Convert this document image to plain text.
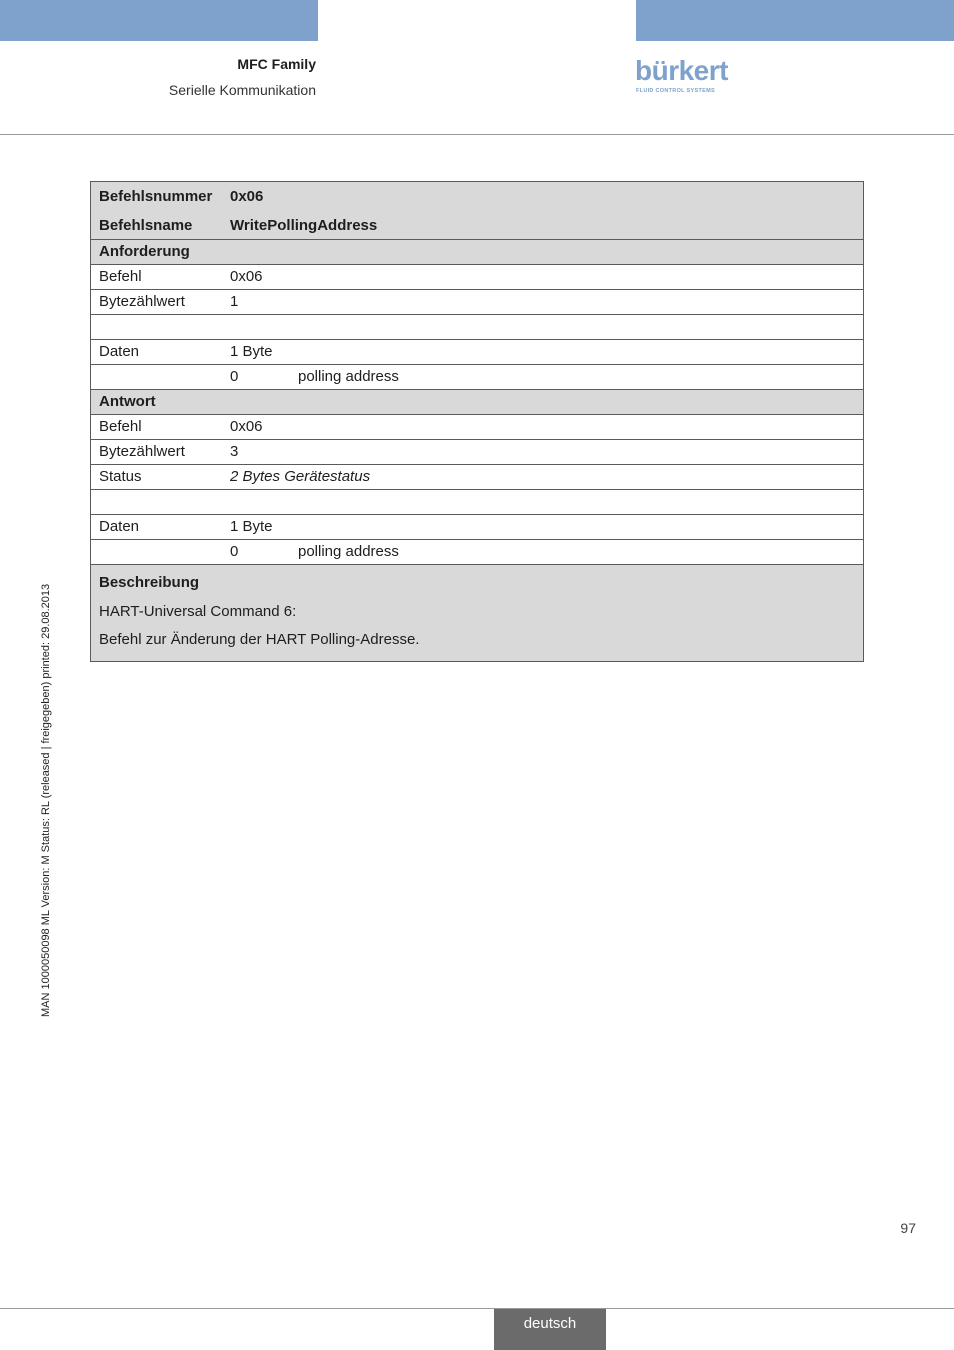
MFC Family
Serielle Kommunikation
bürkert
FLUID CONTROL SYSTEMS
Befehlsnummer 0x06
Befehlsname	WritePollingAddress
Anforderung
Befehl	0x06
Bytezählwert	1
Daten	1 Byte
0	polling address
Antwort
Befehl	0x06
Bytezählwert	3
Status	2 Bytes Gerätestatus
Daten	1 Byte
0	polling address
Beschreibung
HART-Universal Command 6:
Befehl zur Änderung der HART Polling-Adresse.
MAN 1000050098 ML Version: M Status: RL (released | freigegeben) printed: 29.08.2013
97
deutsch
